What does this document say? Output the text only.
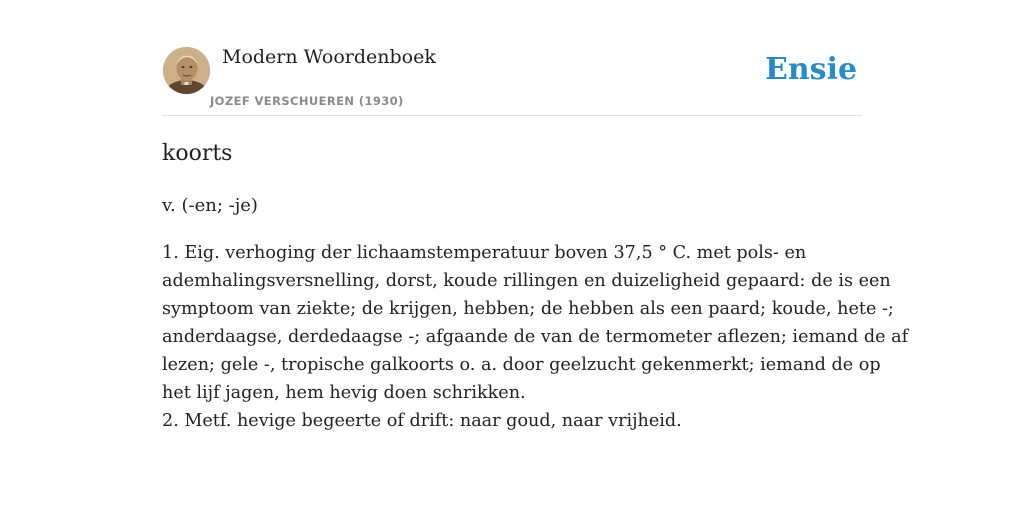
Modern Woordenboek
JOZEF VERSCHUEREN (1930)
Ensie
koorts
v. (-en; -je)
1. Eig. verhoging der lichaamstemperatuur boven 37,5 ° C. met pols- en
ademhalingsversnelling, dorst, koude rillingen en duizeligheid gepaard: de is een
symptoom van ziekte; de krijgen, hebben; de hebben als een paard; koude, hete -;
anderdaagse, derdedaagse -; afgaande de van de termometer aflezen; iemand de af
lezen; gele -, tropische galkoorts o. a. door geelzucht gekenmerkt; iemand de op
het lijf jagen, hem hevig doen schrikken.
2. Metf. hevige begeerte of drift: naar goud, naar vrijheid.
